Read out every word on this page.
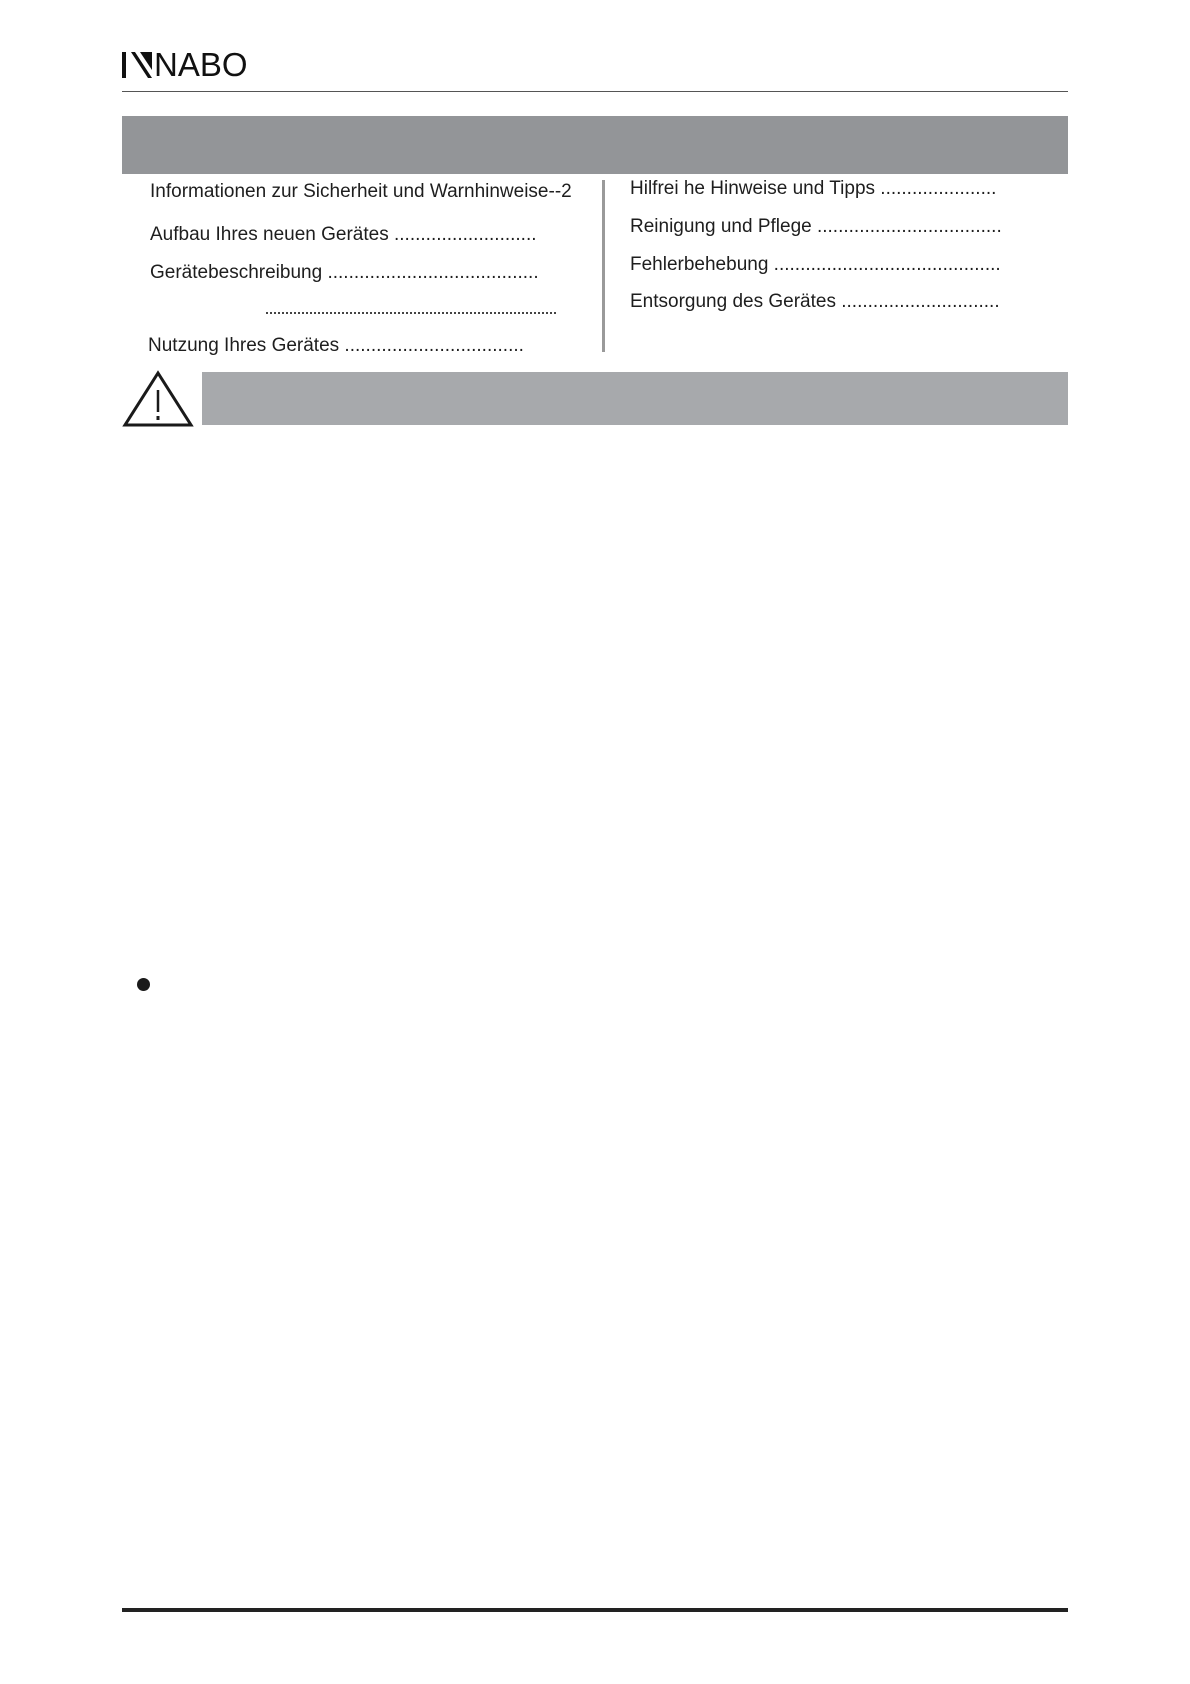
NABO
Informationen zur Sicherheit und Warnhinweise--2
Aufbau Ihres neuen Gerätes ...........................
Gerätebeschreibung ........................................
Nutzung Ihres Gerätes ..................................
Hilfrei he Hinweise und Tipps ......................
Reinigung und Pflege ...................................
Fehlerbehebung ...........................................
Entsorgung des Gerätes ..............................
